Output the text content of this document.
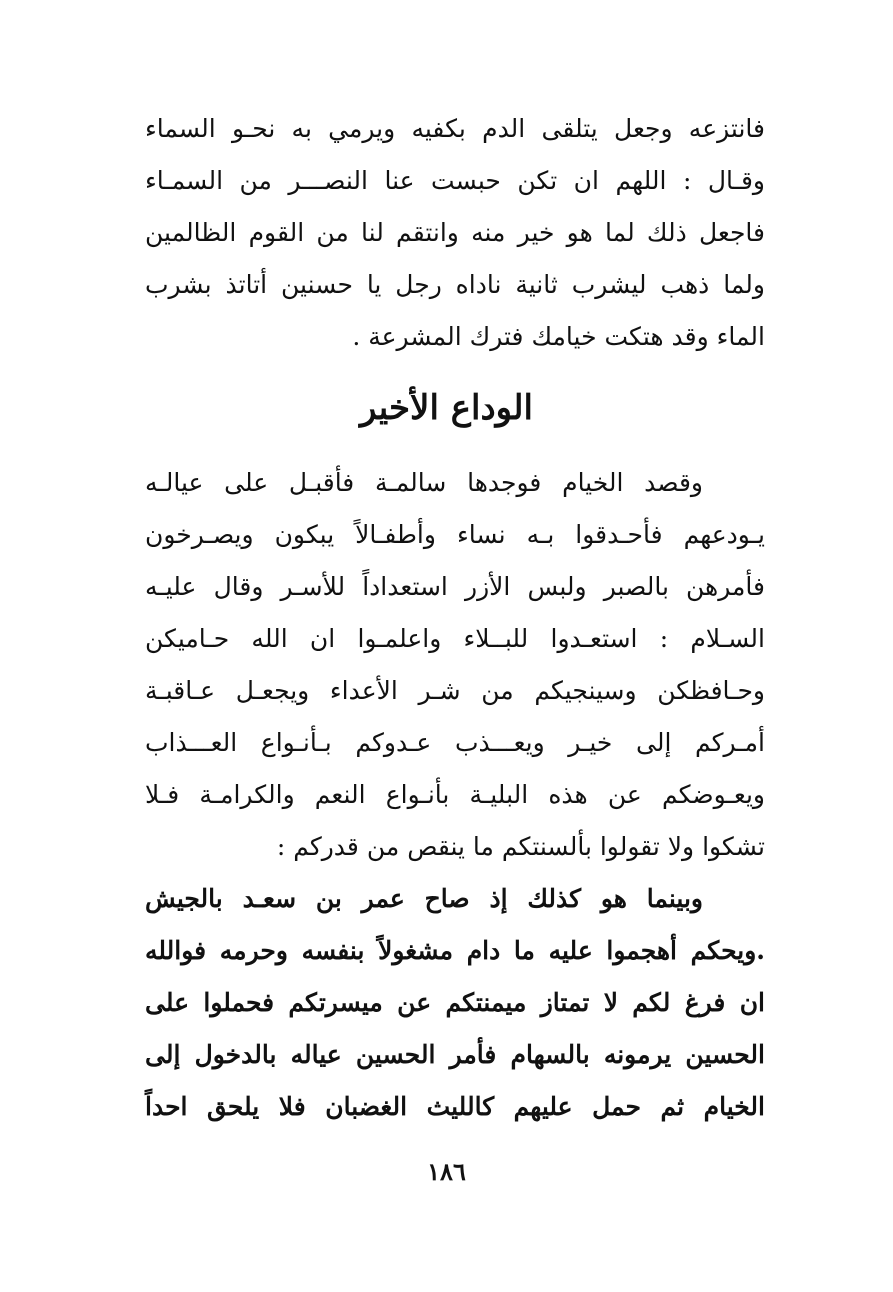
فانتزعه وجعل يتلقى الدم بكفيه ويرمي به نحـو السماء
وقـال : اللهم ان تكن حبست عنا النصـــر من السمـاء
فاجعل ذلك لما هو خير منه وانتقم لنا من القوم الظالمين
ولما ذهب ليشرب ثانية ناداه رجل يا حسنين أتاتذ بشرب
الماء وقد هتكت خيامك فترك المشرعة .
الوداع الأخير
وقصد الخيام فوجدها سالمـة فأقبـل على عيالـه
يـودعهم فأحـدقوا بـه نساء وأطفـالاً يبكون ويصـرخون
فأمرهن بالصبر ولبس الأزر استعداداً للأسـر وقال عليـه
السـلام : استعـدوا للبــلاء واعلمـوا ان الله حـاميكن
وحـافظكن وسينجيكم من شـر الأعداء ويجعـل عـاقبـة
أمـركم إلى خيـر ويعـــذب عـدوكم بـأنـواع العـــذاب
ويعـوضكم عن هذه البليـة بأنـواع النعم والكرامـة فـلا
تشكوا ولا تقولوا بألسنتكم ما ينقص من قدركم :
وبينما هو كذلك إذ صاح عمر بن سعـد بالجيش
.ويحكم أهجموا عليه ما دام مشغولاً بنفسه وحرمه فوالله
ان فرغ لكم لا تمتاز ميمنتكم عن ميسرتكم فحملوا على
الحسين يرمونه بالسهام فأمر الحسين عياله بالدخول إلى
الخيام ثم حمل عليهم كالليث الغضبان فلا يلحق احداً
١٨٦
